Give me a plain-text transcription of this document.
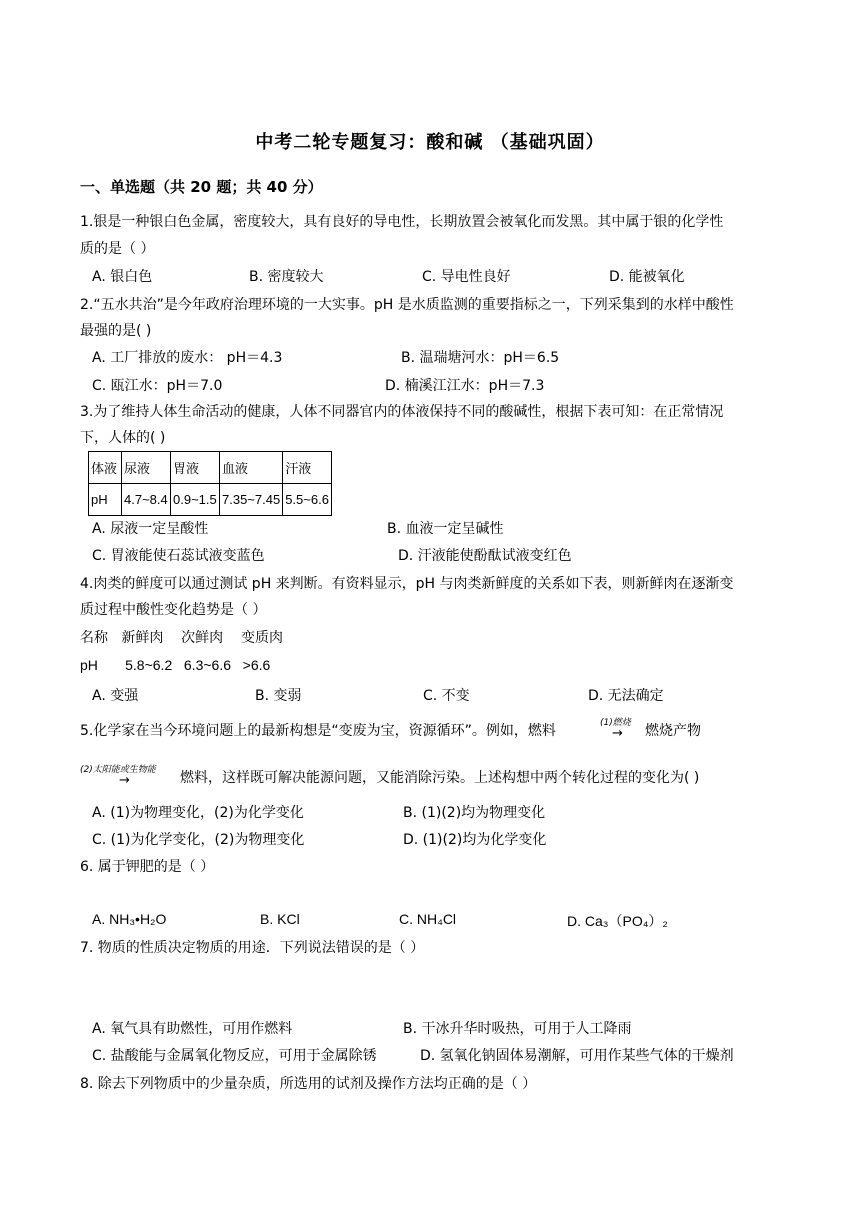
中考二轮专题复习：酸和碱 （基础巩固）
一、单选题（共 20 题；共 40 分）
1.银是一种银白色金属，密度较大，具有良好的导电性，长期放置会被氧化而发黑。其中属于银的化学性
质的是（ ）
A. 银白色	B. 密度较大	C. 导电性良好	D. 能被氧化
2.“五水共治”是今年政府治理环境的一大实事。pH 是水质监测的重要指标之一，下列采集到的水样中酸性
最强的是( )
A. 工厂排放的废水： pH＝4.3	B. 温瑞塘河水：pH＝6.5
C. 瓯江水：pH＝7.0	D. 楠溪江江水：pH＝7.3
3.为了维持人体生命活动的健康，人体不同器官内的体液保持不同的酸碱性，根据下表可知：在正常情况
下，人体的( )
体液	尿液	胃液	血液	汗液
pH	4.7~8.4	0.9~1.5	7.35~7.45	5.5~6.6
A. 尿液一定呈酸性	B. 血液一定呈碱性
C. 胃液能使石蕊试液变蓝色	D. 汗液能使酚酞试液变红色
4.肉类的鲜度可以通过测试 pH 来判断。有资料显示，pH 与肉类新鲜度的关系如下表，则新鲜肉在逐渐变
质过程中酸性变化趋势是（ ）
名称   新鲜肉    次鲜肉    变质肉
pH       5.8~6.2   6.3~6.6   >6.6
A. 变强	B. 变弱	C. 不变	D. 无法确定
5.化学家在当今环境问题上的最新构想是“变废为宝，资源循环”。例如，燃料	(1)燃烧
→ 燃烧产物
(2)太阳能或生物能
→	燃料，这样既可解决能源问题，又能消除污染。上述构想中两个转化过程的变化为( )
A. (1)为物理变化，(2)为化学变化	B. (1)(2)均为物理变化
C. (1)为化学变化，(2)为物理变化	D. (1)(2)均为化学变化
6. 属于钾肥的是（ ）
A. NH₃•H₂O	B. KCl	C. NH₄Cl	D. Ca₃（PO₄）₂
7. 物质的性质决定物质的用途．下列说法错误的是（ ）
A. 氧气具有助燃性，可用作燃料	B. 干冰升华时吸热，可用于人工降雨
C. 盐酸能与金属氧化物反应，可用于金属除锈	D. 氢氧化钠固体易潮解，可用作某些气体的干燥剂
8. 除去下列物质中的少量杂质，所选用的试剂及操作方法均正确的是（ ）
